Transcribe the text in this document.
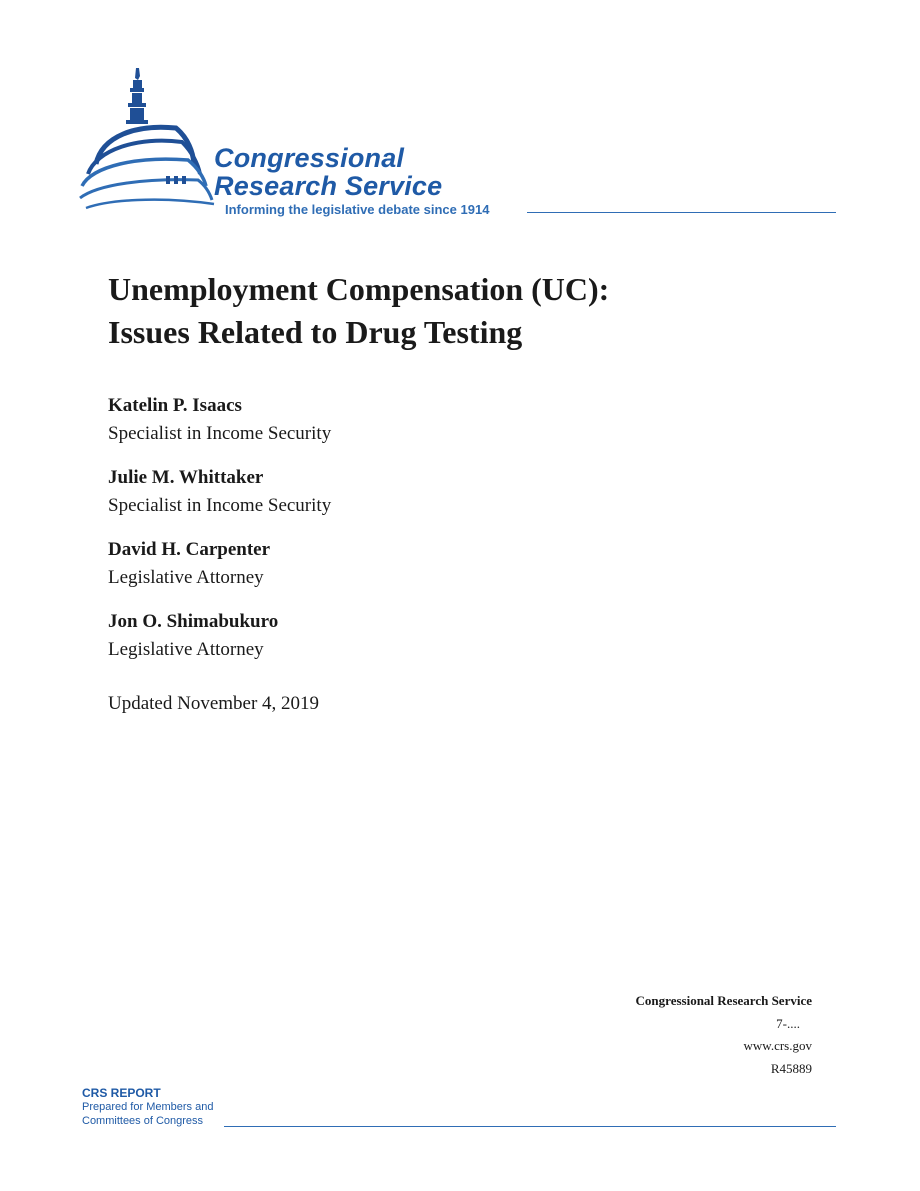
Congressional
Research Service
Informing the legislative debate since 1914
Unemployment Compensation (UC):
Issues Related to Drug Testing
Katelin P. Isaacs
Specialist in Income Security
Julie M. Whittaker
Specialist in Income Security
David H. Carpenter
Legislative Attorney
Jon O. Shimabukuro
Legislative Attorney
Updated November 4, 2019
Congressional Research Service
7-....
www.crs.gov
R45889
CRS REPORT
Prepared for Members and
Committees of Congress
